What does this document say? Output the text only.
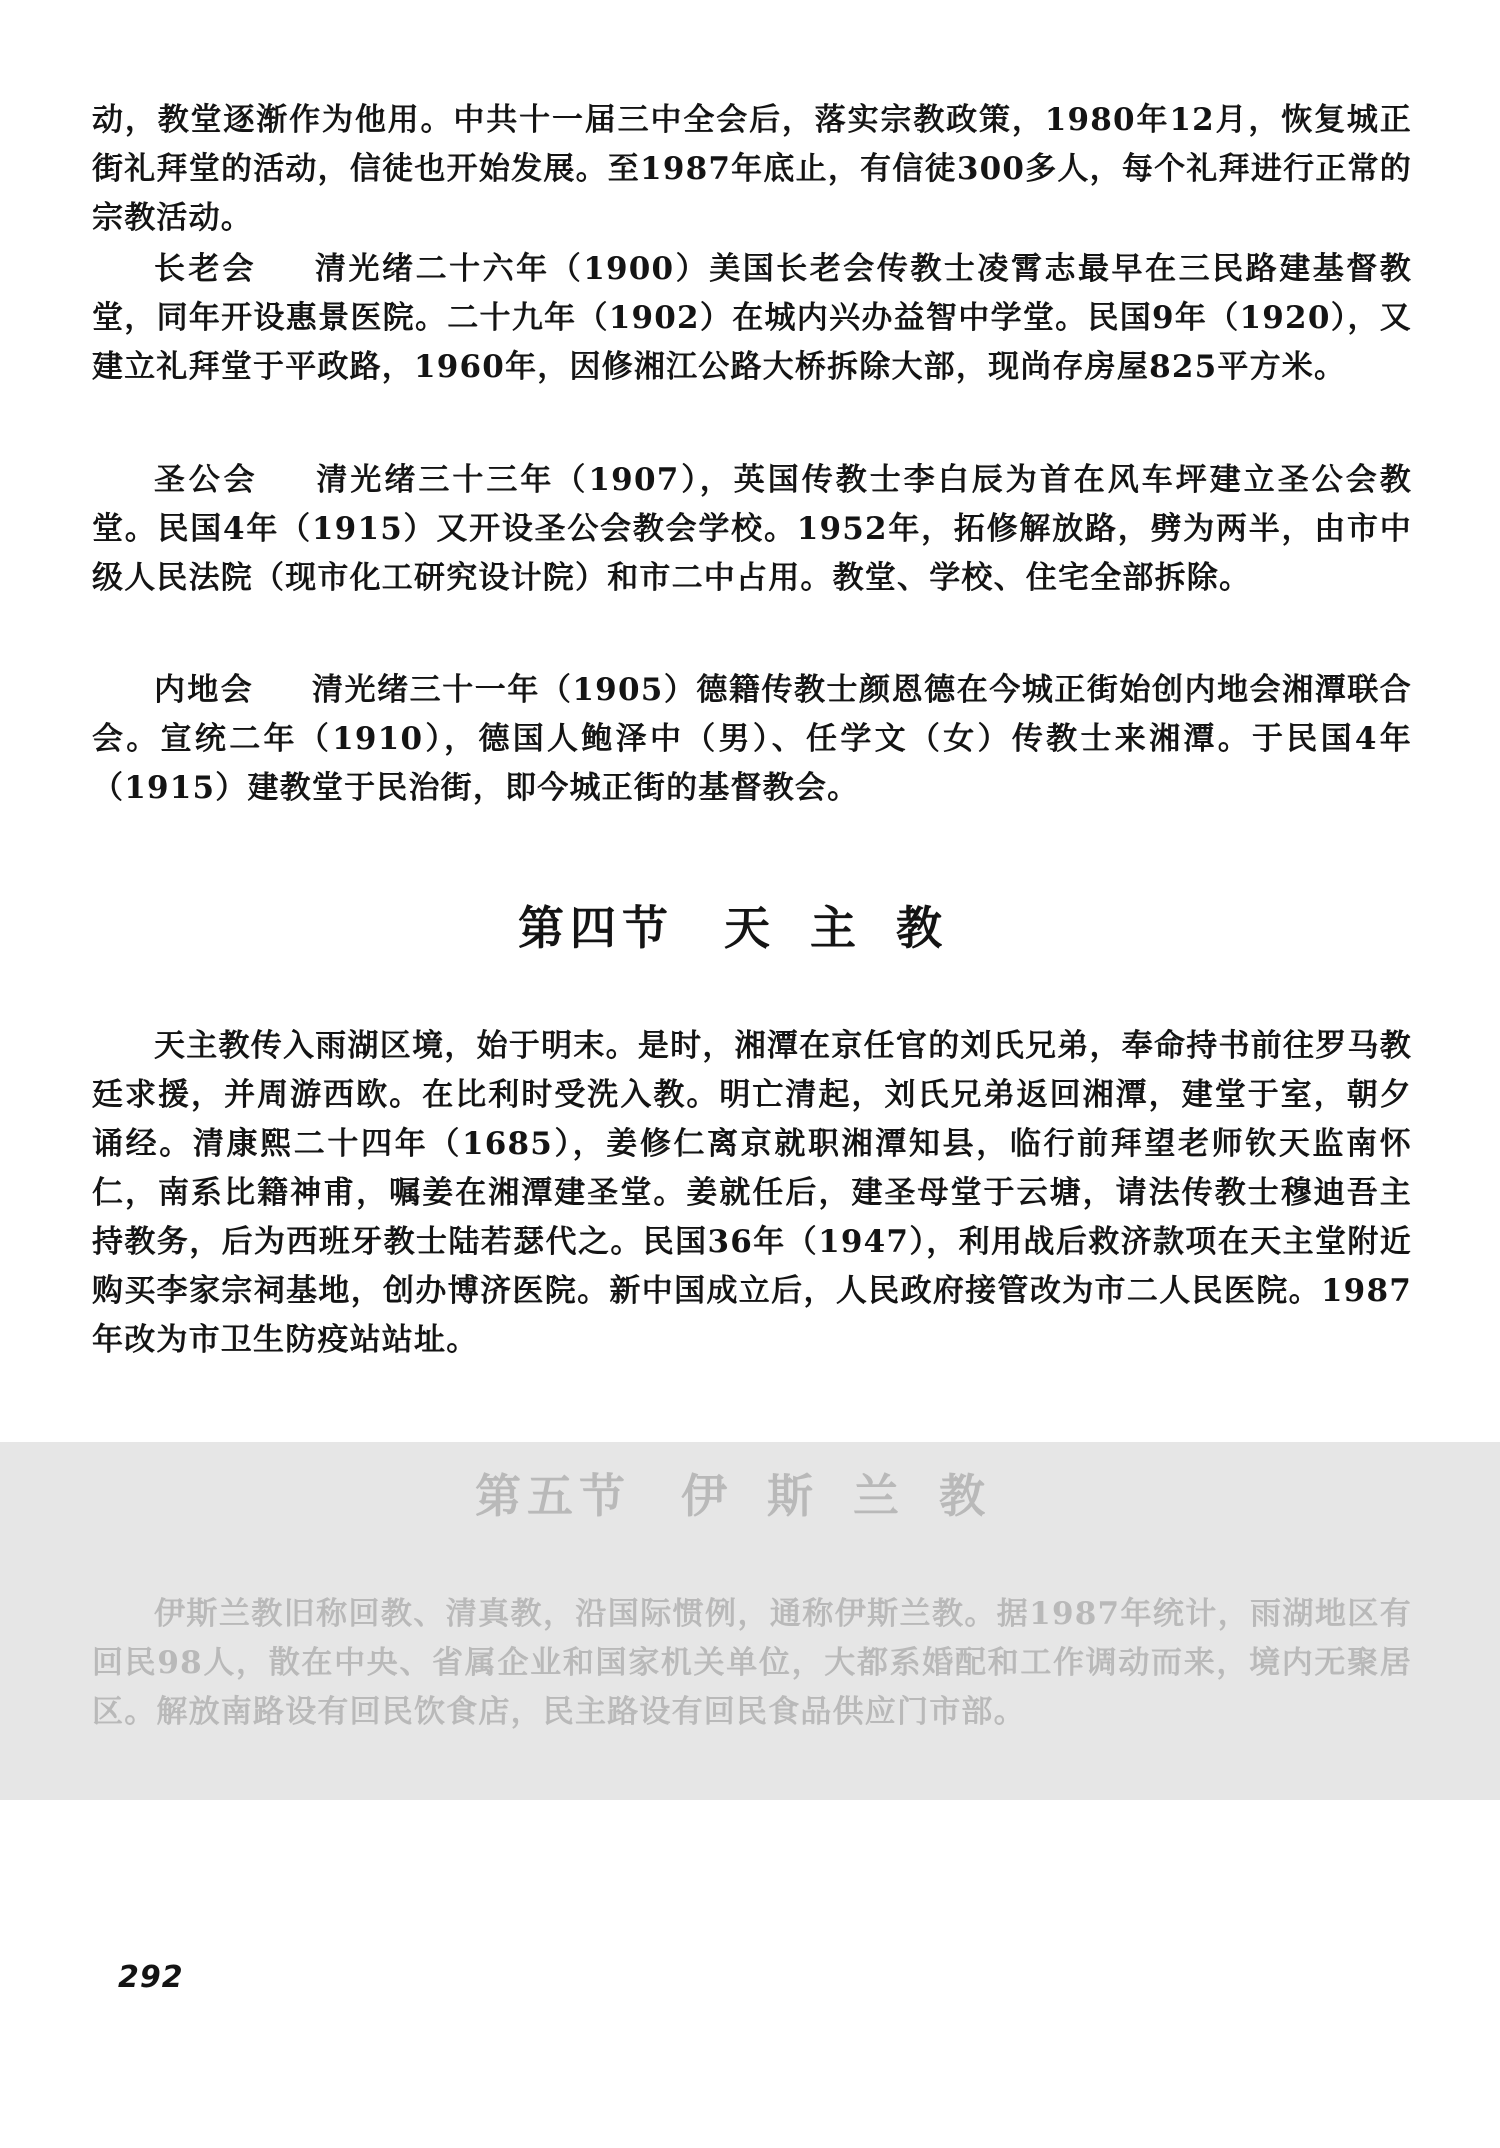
动，教堂逐渐作为他用。中共十一届三中全会后，落实宗教政策，1980年12月，恢复城正街礼拜堂的活动，信徒也开始发展。至1987年底止，有信徒300多人，每个礼拜进行正常的宗教活动。

长老会 清光绪二十六年（1900）美国长老会传教士凌霄志最早在三民路建基督教堂，同年开设惠景医院。二十九年（1902）在城内兴办益智中学堂。民国9年（1920），又建立礼拜堂于平政路，1960年，因修湘江公路大桥拆除大部，现尚存房屋825平方米。

圣公会 清光绪三十三年（1907），英国传教士李白辰为首在风车坪建立圣公会教堂。民国4年（1915）又开设圣公会教会学校。1952年，拓修解放路，劈为两半，由市中级人民法院（现市化工研究设计院）和市二中占用。教堂、学校、住宅全部拆除。

内地会 清光绪三十一年（1905）德籍传教士颜恩德在今城正街始创内地会湘潭联合会。宣统二年（1910），德国人鲍泽中（男）、任学文（女）传教士来湘潭。于民国4年（1915）建教堂于民治街，即今城正街的基督教会。

第四节 天主教

天主教传入雨湖区境，始于明末。是时，湘潭在京任官的刘氏兄弟，奉命持书前往罗马教廷求援，并周游西欧。在比利时受洗入教。明亡清起，刘氏兄弟返回湘潭，建堂于室，朝夕诵经。清康熙二十四年（1685），姜修仁离京就职湘潭知县，临行前拜望老师钦天监南怀仁，南系比籍神甫，嘱姜在湘潭建圣堂。姜就任后，建圣母堂于云塘，请法传教士穆迪吾主持教务，后为西班牙教士陆若瑟代之。民国36年（1947），利用战后救济款项在天主堂附近购买李家宗祠基地，创办博济医院。新中国成立后，人民政府接管改为市二人民医院。1987年改为市卫生防疫站站址。

第五节 伊斯兰教

伊斯兰教旧称回教、清真教，沿国际惯例，通称伊斯兰教。据1987年统计，雨湖地区有回民98人，散在中央、省属企业和国家机关单位，大都系婚配和工作调动而来，境内无聚居区。解放南路设有回民饮食店，民主路设有回民食品供应门市部。

292
